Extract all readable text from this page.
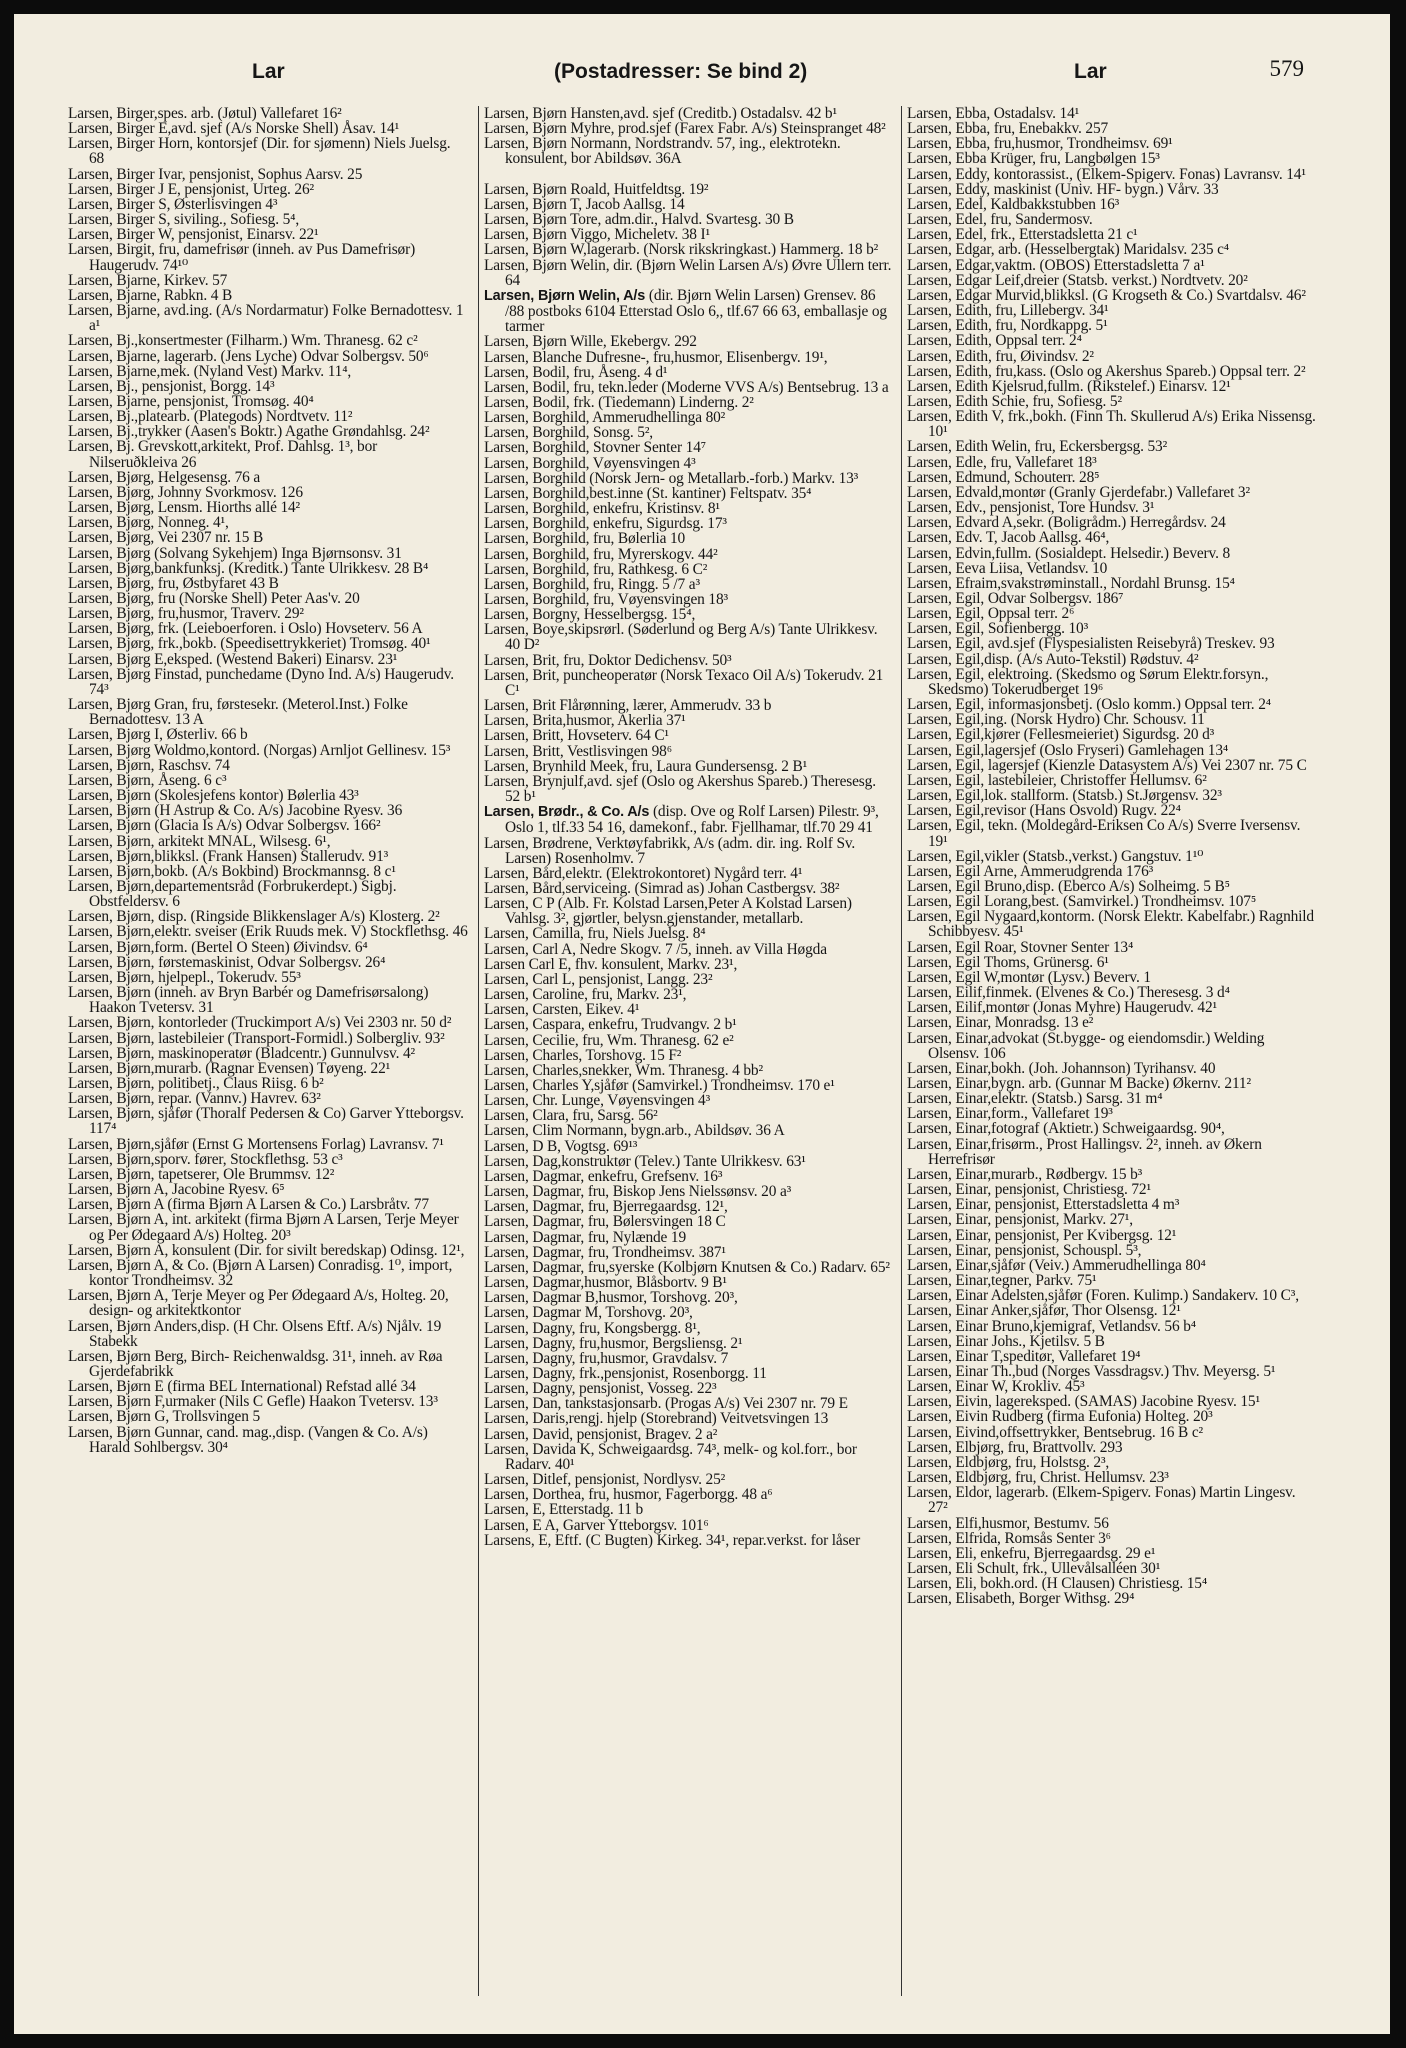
Lar	(Postadresser: Se bind 2)	Lar	579
Larsen, Birger,spes. arb. (Jøtul) Vallefaret 16²
Larsen, Birger E,avd. sjef (A/s Norske Shell) Åsav. 14¹
Larsen, Birger Horn, kontorsjef (Dir. for sjømenn) Niels Juelsg. 68
Larsen, Birger Ivar, pensjonist, Sophus Aarsv. 25
Larsen, Birger J E, pensjonist, Urteg. 26²
Larsen, Birger S, Østerlisvingen 4³
Larsen, Birger S, siviling., Sofiesg. 5⁴,
Larsen, Birger W, pensjonist, Einarsv. 22¹
Larsen, Birgit, fru, damefrisør (inneh. av Pus Damefrisør) Haugerudv. 74¹⁰
Larsen, Bjarne, Kirkev. 57
Larsen, Bjarne, Rabkn. 4 B
Larsen, Bjarne, avd.ing. (A/s Nordarmatur) Folke Bernadottesv. 1 a¹
Larsen, Bj.,konsertmester (Filharm.) Wm. Thranesg. 62 c²
Larsen, Bjarne, lagerarb. (Jens Lyche) Odvar Solbergsv. 50⁶
Larsen, Bjarne,mek. (Nyland Vest) Markv. 11⁴,
Larsen, Bj., pensjonist, Borgg. 14³
Larsen, Bjarne, pensjonist, Tromsøg. 40⁴
Larsen, Bj.,platearb. (Plategods) Nordtvetv. 11²
Larsen, Bj.,trykker (Aasen's Boktr.) Agathe Grøndahlsg. 24²
Larsen, Bj. Grevskott,arkitekt, Prof. Dahlsg. 1³, bor Nilseruðkleiva 26
Larsen, Bjørg, Helgesensg. 76 a
Larsen, Bjørg, Johnny Svorkmosv. 126
Larsen, Bjørg, Lensm. Hiorths allé 14²
Larsen, Bjørg, Nonneg. 4¹,
Larsen, Bjørg, Vei 2307 nr. 15 B
Larsen, Bjørg (Solvang Sykehjem) Inga Bjørnsonsv. 31
Larsen, Bjørg,bankfunksj. (Kreditk.) Tante Ulrikkesv. 28 B⁴
Larsen, Bjørg, fru, Østbyfaret 43 B
Larsen, Bjørg, fru (Norske Shell) Peter Aas'v. 20
Larsen, Bjørg, fru,husmor, Traverv. 29²
Larsen, Bjørg, frk. (Leieboerforen. i Oslo) Hovseterv. 56 A
Larsen, Bjørg, frk.,bokb. (Speedisettrykkeriet) Tromsøg. 40¹
Larsen, Bjørg E,eksped. (Westend Bakeri) Einarsv. 23¹
Larsen, Bjørg Finstad, punchedame (Dyno Ind. A/s) Haugerudv. 74³
Larsen, Bjørg Gran, fru, førstesekr. (Meterol.Inst.) Folke Bernadottesv. 13 A
Larsen, Bjørg I, Østerliv. 66 b
Larsen, Bjørg Woldmo,kontord. (Norgas) Arnljot Gellinesv. 15³
Larsen, Bjørn, Raschsv. 74
Larsen, Bjørn, Åseng. 6 c³
Larsen, Bjørn (Skolesjefens kontor) Bølerlia 43³
Larsen, Bjørn (H Astrup & Co. A/s) Jacobine Ryesv. 36
Larsen, Bjørn (Glacia Is A/s) Odvar Solbergsv. 166²
Larsen, Bjørn, arkitekt MNAL, Wilsesg. 6¹,
Larsen, Bjørn,blikksl. (Frank Hansen) Stallerudv. 91³
Larsen, Bjørn,bokb. (A/s Bokbind) Brockmannsg. 8 c¹
Larsen, Bjørn,departementsråd (Forbrukerdept.) Sigbj. Obstfeldersv. 6
Larsen, Bjørn, disp. (Ringside Blikkenslager A/s) Klosterg. 2²
Larsen, Bjørn,elektr. sveiser (Erik Ruuds mek. V) Stockflethsg. 46
Larsen, Bjørn,form. (Bertel O Steen) Øivindsv. 6⁴
Larsen, Bjørn, førstemaskinist, Odvar Solbergsv. 26⁴
Larsen, Bjørn, hjelpepl., Tokerudv. 55³
Larsen, Bjørn (inneh. av Bryn Barbér og Damefrisørsalong) Haakon Tvetersv. 31
Larsen, Bjørn, kontorleder (Truckimport A/s) Vei 2303 nr. 50 d²
Larsen, Bjørn, lastebileier (Transport-Formidl.) Solbergliv. 93²
Larsen, Bjørn, maskinoperatør (Bladcentr.) Gunnulvsv. 4²
Larsen, Bjørn,murarb. (Ragnar Evensen) Tøyeng. 22¹
Larsen, Bjørn, politibetj., Claus Riisg. 6 b²
Larsen, Bjørn, repar. (Vannv.) Havrev. 63²
Larsen, Bjørn, sjåfør (Thoralf Pedersen & Co) Garver Ytteborgsv. 117⁴
Larsen, Bjørn,sjåfør (Ernst G Mortensens Forlag) Lavransv. 7¹
Larsen, Bjørn,sporv. fører, Stockflethsg. 53 c³
Larsen, Bjørn, tapetserer, Ole Brummsv. 12²
Larsen, Bjørn A, Jacobine Ryesv. 6⁵
Larsen, Bjørn A (firma Bjørn A Larsen & Co.) Larsbråtv. 77
Larsen, Bjørn A, int. arkitekt (firma Bjørn A Larsen, Terje Meyer og Per Ødegaard A/s) Holteg. 20³
Larsen, Bjørn A, konsulent (Dir. for sivilt beredskap) Odinsg. 12¹,
Larsen, Bjørn A, & Co. (Bjørn A Larsen) Conradisg. 1⁰, import, kontor Trondheimsv. 32
Larsen, Bjørn A, Terje Meyer og Per Ødegaard A/s, Holteg. 20, design- og arkitektkontor
Larsen, Bjørn Anders,disp. (H Chr. Olsens Eftf. A/s) Njålv. 19 Stabekk
Larsen, Bjørn Berg, Birch- Reichenwaldsg. 31¹, inneh. av Røa Gjerdefabrikk
Larsen, Bjørn E (firma BEL International) Refstad allé 34
Larsen, Bjørn F,urmaker (Nils C Gefle) Haakon Tvetersv. 13³
Larsen, Bjørn G, Trollsvingen 5
Larsen, Bjørn Gunnar, cand. mag.,disp. (Vangen & Co. A/s) Harald Sohlbergsv. 30⁴
Larsen, Bjørn Hansten,avd. sjef (Creditb.) Ostadalsv. 42 b¹
Larsen, Bjørn Myhre, prod.sjef (Farex Fabr. A/s) Steinspranget 48²
Larsen, Bjørn Normann, Nordstrandv. 57, ing., elektrotekn. konsulent, bor Abildsøv. 36A

Larsen, Bjørn Roald, Huitfeldtsg. 19²
Larsen, Bjørn T, Jacob Aallsg. 14
Larsen, Bjørn Tore, adm.dir., Halvd. Svartesg. 30 B
Larsen, Bjørn Viggo, Micheletv. 38 I¹
Larsen, Bjørn W,lagerarb. (Norsk rikskringkast.) Hammerg. 18 b²
Larsen, Bjørn Welin, dir. (Bjørn Welin Larsen A/s) Øvre Ullern terr. 64
Larsen, Bjørn Welin, A/s (dir. Bjørn Welin Larsen) Grensev. 86 /88 postboks 6104 Etterstad Oslo 6,, tlf.67 66 63, emballasje og tarmer
Larsen, Bjørn Wille, Ekebergv. 292
Larsen, Blanche Dufresne-, fru,husmor, Elisenbergv. 19¹,
Larsen, Bodil, fru, Åseng. 4 d¹
Larsen, Bodil, fru, tekn.leder (Moderne VVS A/s) Bentsebrug. 13 a
Larsen, Bodil, frk. (Tiedemann) Linderng. 2²
Larsen, Borghild, Ammerudhellinga 80²
Larsen, Borghild, Sonsg. 5²,
Larsen, Borghild, Stovner Senter 14⁷
Larsen, Borghild, Vøyensvingen 4³
Larsen, Borghild (Norsk Jern- og Metallarb.-forb.) Markv. 13³
Larsen, Borghild,best.inne (St. kantiner) Feltspatv. 35⁴
Larsen, Borghild, enkefru, Kristinsv. 8¹
Larsen, Borghild, enkefru, Sigurdsg. 17³
Larsen, Borghild, fru, Bølerlia 10
Larsen, Borghild, fru, Myrerskogv. 44²
Larsen, Borghild, fru, Rathkesg. 6 C²
Larsen, Borghild, fru, Ringg. 5 /7 a³
Larsen, Borghild, fru, Vøyensvingen 18³
Larsen, Borgny, Hesselbergsg. 15⁴,
Larsen, Boye,skipsrørl. (Søderlund og Berg A/s) Tante Ulrikkesv. 40 D²
Larsen, Brit, fru, Doktor Dedichensv. 50³
Larsen, Brit, puncheoperatør (Norsk Texaco Oil A/s) Tokerudv. 21 C¹
Larsen, Brit Flårønning, lærer, Ammerudv. 33 b
Larsen, Brita,husmor, Akerlia 37¹
Larsen, Britt, Hovseterv. 64 C¹
Larsen, Britt, Vestlisvingen 98⁶
Larsen, Brynhild Meek, fru, Laura Gundersensg. 2 B¹
Larsen, Brynjulf,avd. sjef (Oslo og Akershus Spareb.) Theresesg. 52 b¹
Larsen, Brødr., & Co. A/s (disp. Ove og Rolf Larsen) Pilestr. 9³, Oslo 1, tlf.33 54 16, damekonf., fabr. Fjellhamar, tlf.70 29 41
Larsen, Brødrene, Verktøyfabrikk, A/s (adm. dir. ing. Rolf Sv. Larsen) Rosenholmv. 7
Larsen, Bård,elektr. (Elektrokontoret) Nygård terr. 4¹
Larsen, Bård,serviceing. (Simrad as) Johan Castbergsv. 38²
Larsen, C P (Alb. Fr. Kolstad Larsen,Peter A Kolstad Larsen) Vahlsg. 3², gjørtler, belysn.gjenstander, metallarb.
Larsen, Camilla, fru, Niels Juelsg. 8⁴
Larsen, Carl A, Nedre Skogv. 7 /5, inneh. av Villa Høgda
Larsen Carl E, fhv. konsulent, Markv. 23¹,
Larsen, Carl L, pensjonist, Langg. 23²
Larsen, Caroline, fru, Markv. 23¹,
Larsen, Carsten, Eikev. 4¹
Larsen, Caspara, enkefru, Trudvangv. 2 b¹
Larsen, Cecilie, fru, Wm. Thranesg. 62 e²
Larsen, Charles, Torshovg. 15 F²
Larsen, Charles,snekker, Wm. Thranesg. 4 bb²
Larsen, Charles Y,sjåfør (Samvirkel.) Trondheimsv. 170 e¹
Larsen, Chr. Lunge, Vøyensvingen 4³
Larsen, Clara, fru, Sarsg. 56²
Larsen, Clim Normann, bygn.arb., Abildsøv. 36 A
Larsen, D B, Vogtsg. 69¹³
Larsen, Dag,konstruktør (Telev.) Tante Ulrikkesv. 63¹
Larsen, Dagmar, enkefru, Grefsenv. 16³
Larsen, Dagmar, fru, Biskop Jens Nielssønsv. 20 a³
Larsen, Dagmar, fru, Bjerregaardsg. 12¹,
Larsen, Dagmar, fru, Bølersvingen 18 C
Larsen, Dagmar, fru, Nylænde 19
Larsen, Dagmar, fru, Trondheimsv. 387¹
Larsen, Dagmar, fru,syerske (Kolbjørn Knutsen & Co.) Radarv. 65²
Larsen, Dagmar,husmor, Blåsbortv. 9 B¹
Larsen, Dagmar B,husmor, Torshovg. 20³,
Larsen, Dagmar M, Torshovg. 20³,
Larsen, Dagny, fru, Kongsbergg. 8¹,
Larsen, Dagny, fru,husmor, Bergsliensg. 2¹
Larsen, Dagny, fru,husmor, Gravdalsv. 7
Larsen, Dagny, frk.,pensjonist, Rosenborgg. 11
Larsen, Dagny, pensjonist, Vosseg. 22³
Larsen, Dan, tankstasjonsarb. (Progas A/s) Vei 2307 nr. 79 E
Larsen, Daris,rengj. hjelp (Storebrand) Veitvetsvingen 13
Larsen, David, pensjonist, Bragev. 2 a²
Larsen, Davida K, Schweigaardsg. 74³, melk- og kol.forr., bor Radarv. 40¹
Larsen, Ditlef, pensjonist, Nordlysv. 25²
Larsen, Dorthea, fru, husmor, Fagerborgg. 48 a⁶
Larsen, E, Etterstadg. 11 b
Larsen, E A, Garver Ytteborgsv. 101⁶
Larsens, E, Eftf. (C Bugten) Kirkeg. 34¹, repar.verkst. for låser
Larsen, Ebba, Ostadalsv. 14¹
Larsen, Ebba, fru, Enebakkv. 257
Larsen, Ebba, fru,husmor, Trondheimsv. 69¹
Larsen, Ebba Krüger, fru, Langbølgen 15³
Larsen, Eddy, kontorassist., (Elkem-Spigerv. Fonas) Lavransv. 14¹
Larsen, Eddy, maskinist (Univ. HF- bygn.) Vårv. 33
Larsen, Edel, Kaldbakkstubben 16³
Larsen, Edel, fru, Sandermosv.
Larsen, Edel, frk., Etterstadsletta 21 c¹
Larsen, Edgar, arb. (Hesselbergtak) Maridalsv. 235 c⁴
Larsen, Edgar,vaktm. (OBOS) Etterstadsletta 7 a¹
Larsen, Edgar Leif,dreier (Statsb. verkst.) Nordtvetv. 20²
Larsen, Edgar Murvid,blikksl. (G Krogseth & Co.) Svartdalsv. 46²
Larsen, Edith, fru, Lillebergv. 34¹
Larsen, Edith, fru, Nordkappg. 5¹
Larsen, Edith, Oppsal terr. 2⁴
Larsen, Edith, fru, Øivindsv. 2²
Larsen, Edith, fru,kass. (Oslo og Akershus Spareb.) Oppsal terr. 2²
Larsen, Edith Kjelsrud,fullm. (Rikstelef.) Einarsv. 12¹
Larsen, Edith Schie, fru, Sofiesg. 5²
Larsen, Edith V, frk.,bokh. (Finn Th. Skullerud A/s) Erika Nissensg. 10¹
Larsen, Edith Welin, fru, Eckersbergsg. 53²
Larsen, Edle, fru, Vallefaret 18³
Larsen, Edmund, Schouterr. 28⁵
Larsen, Edvald,montør (Granly Gjerdefabr.) Vallefaret 3²
Larsen, Edv., pensjonist, Tore Hundsv. 3¹
Larsen, Edvard A,sekr. (Boligrådm.) Herregårdsv. 24
Larsen, Edv. T, Jacob Aallsg. 46⁴,
Larsen, Edvin,fullm. (Sosialdept. Helsedir.) Beverv. 8
Larsen, Eeva Liisa, Vetlandsv. 10
Larsen, Efraim,svakstrøminstall., Nordahl Brunsg. 15⁴
Larsen, Egil, Odvar Solbergsv. 186⁷
Larsen, Egil, Oppsal terr. 2⁶
Larsen, Egil, Sofienbergg. 10³
Larsen, Egil, avd.sjef (Flyspesialisten Reisebyrå) Treskev. 93
Larsen, Egil,disp. (A/s Auto-Tekstil) Rødstuv. 4²
Larsen, Egil, elektroing. (Skedsmo og Sørum Elektr.forsyn., Skedsmo) Tokerudberget 19⁶
Larsen, Egil, informasjonsbetj. (Oslo komm.) Oppsal terr. 2⁴
Larsen, Egil,ing. (Norsk Hydro) Chr. Schousv. 11
Larsen, Egil,kjører (Fellesmeieriet) Sigurdsg. 20 d³
Larsen, Egil,lagersjef (Oslo Fryseri) Gamlehagen 13⁴
Larsen, Egil, lagersjef (Kienzle Datasystem A/s) Vei 2307 nr. 75 C
Larsen, Egil, lastebileier, Christoffer Hellumsv. 6²
Larsen, Egil,lok. stallform. (Statsb.) St.Jørgensv. 32³
Larsen, Egil,revisor (Hans Osvold) Rugv. 22⁴
Larsen, Egil, tekn. (Moldegård-Eriksen Co A/s) Sverre Iversensv. 19¹
Larsen, Egil,vikler (Statsb.,verkst.) Gangstuv. 1¹⁰
Larsen, Egil Arne, Ammerudgrenda 176³
Larsen, Egil Bruno,disp. (Eberco A/s) Solheimg. 5 B⁵
Larsen, Egil Lorang,best. (Samvirkel.) Trondheimsv. 107⁵
Larsen, Egil Nygaard,kontorm. (Norsk Elektr. Kabelfabr.) Ragnhild Schibbyesv. 45¹
Larsen, Egil Roar, Stovner Senter 13⁴
Larsen, Egil Thoms, Grünersg. 6¹
Larsen, Egil W,montør (Lysv.) Beverv. 1
Larsen, Eilif,finmek. (Elvenes & Co.) Theresesg. 3 d⁴
Larsen, Eilif,montør (Jonas Myhre) Haugerudv. 42¹
Larsen, Einar, Monradsg. 13 e²
Larsen, Einar,advokat (St.bygge- og eiendomsdir.) Welding Olsensv. 106
Larsen, Einar,bokh. (Joh. Johannson) Tyrihansv. 40
Larsen, Einar,bygn. arb. (Gunnar M Backe) Økernv. 211²
Larsen, Einar,elektr. (Statsb.) Sarsg. 31 m⁴
Larsen, Einar,form., Vallefaret 19³
Larsen, Einar,fotograf (Aktietr.) Schweigaardsg. 90⁴,
Larsen, Einar,frisørm., Prost Hallingsv. 2², inneh. av Økern Herrefrisør
Larsen, Einar,murarb., Rødbergv. 15 b³
Larsen, Einar, pensjonist, Christiesg. 72¹
Larsen, Einar, pensjonist, Etterstadsletta 4 m³
Larsen, Einar, pensjonist, Markv. 27¹,
Larsen, Einar, pensjonist, Per Kvibergsg. 12¹
Larsen, Einar, pensjonist, Schouspl. 5³,
Larsen, Einar,sjåfør (Veiv.) Ammerudhellinga 80⁴
Larsen, Einar,tegner, Parkv. 75¹
Larsen, Einar Adelsten,sjåfør (Foren. Kulimp.) Sandakerv. 10 C³,
Larsen, Einar Anker,sjåfør, Thor Olsensg. 12¹
Larsen, Einar Bruno,kjemigraf, Vetlandsv. 56 b⁴
Larsen, Einar Johs., Kjetilsv. 5 B
Larsen, Einar T,speditør, Vallefaret 19⁴
Larsen, Einar Th.,bud (Norges Vassdragsv.) Thv. Meyersg. 5¹
Larsen, Einar W, Krokliv. 45³
Larsen, Eivin, lagereksped. (SAMAS) Jacobine Ryesv. 15¹
Larsen, Eivin Rudberg (firma Eufonia) Holteg. 20³
Larsen, Eivind,offsettrykker, Bentsebrug. 16 B c²
Larsen, Elbjørg, fru, Brattvollv. 293
Larsen, Eldbjørg, fru, Holstsg. 2³,
Larsen, Eldbjørg, fru, Christ. Hellumsv. 23³
Larsen, Eldor, lagerarb. (Elkem-Spigerv. Fonas) Martin Lingesv. 27²
Larsen, Elfi,husmor, Bestumv. 56
Larsen, Elfrida, Romsås Senter 3⁶
Larsen, Eli, enkefru, Bjerregaardsg. 29 e¹
Larsen, Eli Schult, frk., Ullevålsalléen 30¹
Larsen, Eli, bokh.ord. (H Clausen) Christiesg. 15⁴
Larsen, Elisabeth, Borger Withsg. 29⁴
